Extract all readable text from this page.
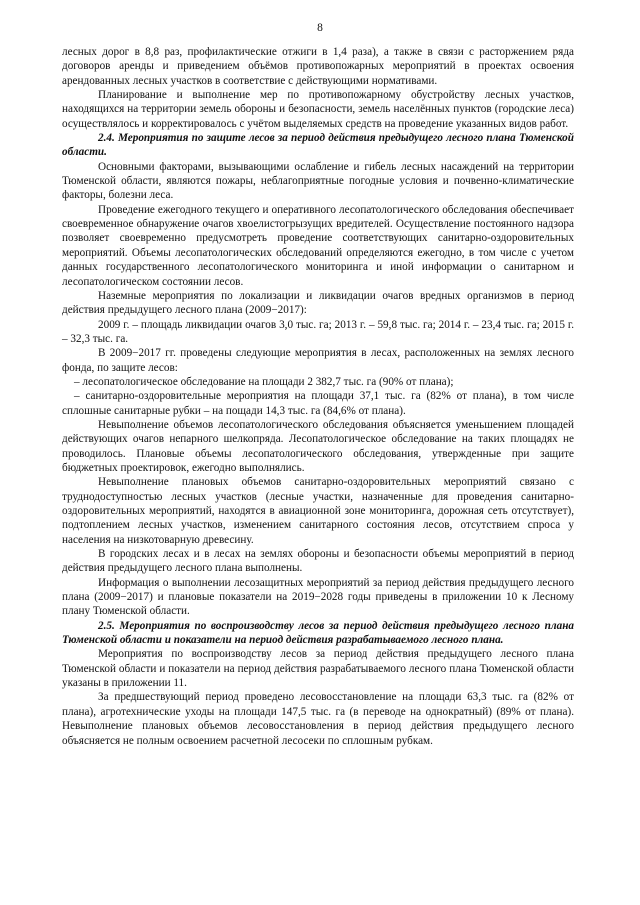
8

лесных дорог в 8,8 раз, профилактические отжиги в 1,4 раза), а также в связи с расторжением ряда договоров аренды и приведением объёмов противопожарных мероприятий в проектах освоения арендованных лесных участков в соответствие с действующими нормативами.

Планирование и выполнение мер по противопожарному обустройству лесных участков, находящихся на территории земель обороны и безопасности, земель населённых пунктов (городские леса) осуществлялось и корректировалось с учётом выделяемых средств на проведение указанных видов работ.

2.4. Мероприятия по защите лесов за период действия предыдущего лесного плана Тюменской области.

Основными факторами, вызывающими ослабление и гибель лесных насаждений на территории Тюменской области, являются пожары, неблагоприятные погодные условия и почвенно-климатические факторы, болезни леса.

Проведение ежегодного текущего и оперативного лесопатологического обследования обеспечивает своевременное обнаружение очагов хвоелистогрызущих вредителей. Осуществление постоянного надзора позволяет своевременно предусмотреть проведение соответствующих санитарно-оздоровительных мероприятий. Объемы лесопатологических обследований определяются ежегодно, в том числе с учетом данных государственного лесопатологического мониторинга и иной информации о санитарном и лесопатологическом состоянии лесов.

Наземные мероприятия по локализации и ликвидации очагов вредных организмов в период действия предыдущего лесного плана (2009−2017):

2009 г. – площадь ликвидации очагов 3,0 тыс. га; 2013 г. – 59,8 тыс. га; 2014 г. – 23,4 тыс. га; 2015 г. – 32,3 тыс. га.

В 2009−2017 гг. проведены следующие мероприятия в лесах, расположенных на землях лесного фонда, по защите лесов:

– лесопатологическое обследование на площади 2 382,7 тыс. га (90% от плана);

– санитарно-оздоровительные мероприятия на площади 37,1 тыс. га (82% от плана), в том числе сплошные санитарные рубки – на пощади 14,3 тыс. га (84,6% от плана).

Невыполнение объемов лесопатологического обследования объясняется уменьшением площадей действующих очагов непарного шелкопряда. Лесопатологическое обследование на таких площадях не проводилось. Плановые объемы лесопатологического обследования, утвержденные при защите бюджетных проектировок, ежегодно выполнялись.

Невыполнение плановых объемов санитарно-оздоровительных мероприятий связано с труднодоступностью лесных участков (лесные участки, назначенные для проведения санитарно-оздоровительных мероприятий, находятся в авиационной зоне мониторинга, дорожная сеть отсутствует), подтоплением лесных участков, изменением санитарного состояния лесов, отсутствием спроса у населения на низкотоварную древесину.

В городских лесах и в лесах на землях обороны и безопасности объемы мероприятий в период действия предыдущего лесного плана выполнены.

Информация о выполнении лесозащитных мероприятий за период действия предыдущего лесного плана (2009−2017) и плановые показатели на 2019−2028 годы приведены в приложении 10 к Лесному плану Тюменской области.

2.5. Мероприятия по воспроизводству лесов за период действия предыдущего лесного плана Тюменской области и показатели на период действия разрабатываемого лесного плана.

Мероприятия по воспроизводству лесов за период действия предыдущего лесного плана Тюменской области и показатели на период действия разрабатываемого лесного плана Тюменской области указаны в приложении 11.

За предшествующий период проведено лесовосстановление на площади 63,3 тыс. га (82% от плана), агротехнические уходы на площади 147,5 тыс. га (в переводе на однократный) (89% от плана). Невыполнение плановых объемов лесовосстановления в период действия предыдущего лесного объясняется не полным освоением расчетной лесосеки по сплошным рубкам.
